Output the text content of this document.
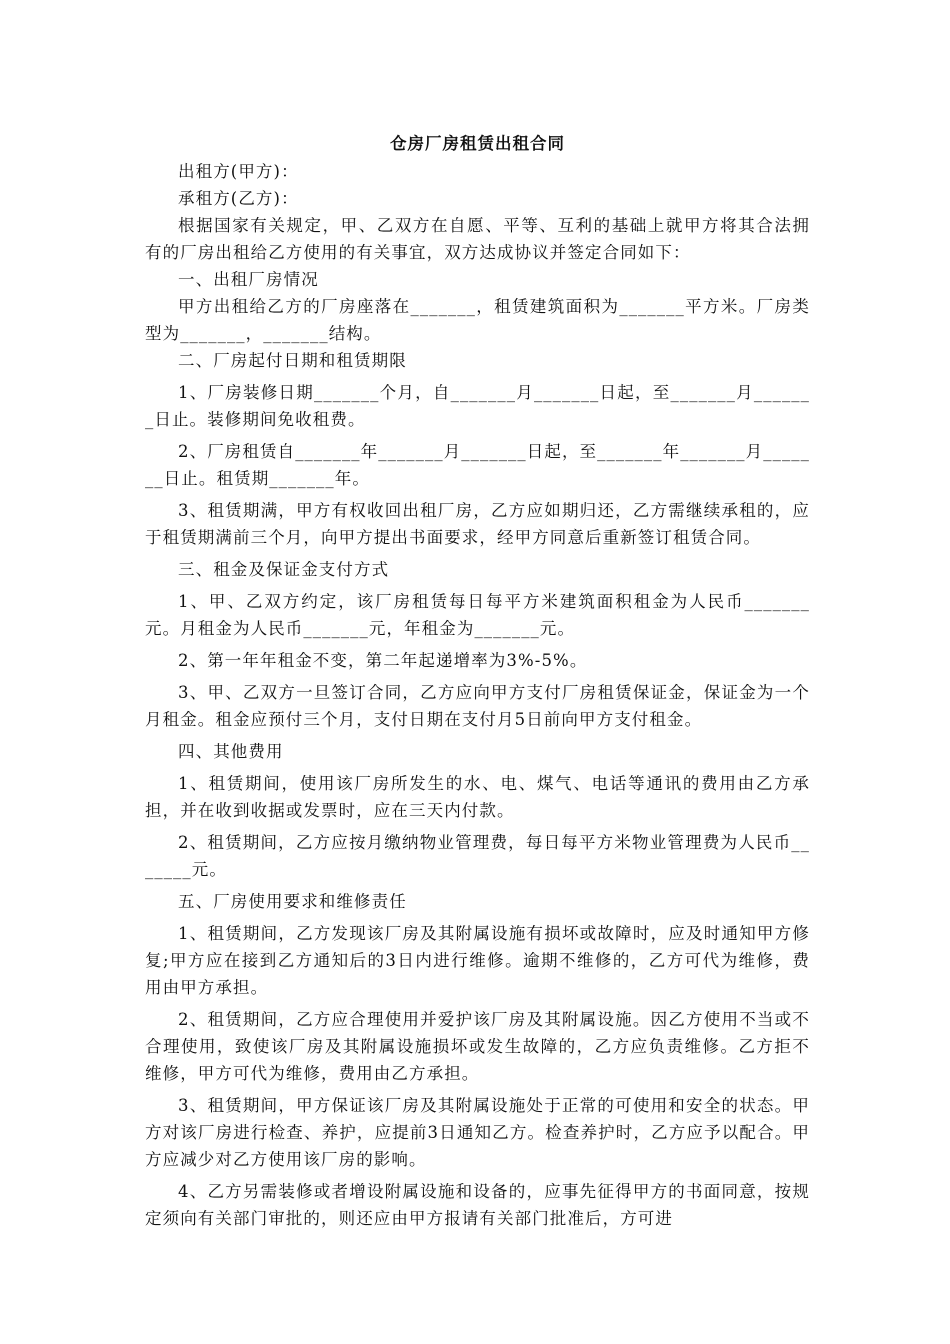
仓房厂房租赁出租合同

出租方(甲方)：

承租方(乙方)：

根据国家有关规定，甲、乙双方在自愿、平等、互利的基础上就甲方将其合法拥有的厂房出租给乙方使用的有关事宜，双方达成协议并签定合同如下：

一、出租厂房情况

甲方出租给乙方的厂房座落在_______，租赁建筑面积为_______平方米。厂房类型为_______，_______结构。

二、厂房起付日期和租赁期限

1、厂房装修日期_______个月，自_______月_______日起，至_______月_______日止。装修期间免收租费。

2、厂房租赁自_______年_______月_______日起，至_______年_______月_______日止。租赁期_______年。

3、租赁期满，甲方有权收回出租厂房，乙方应如期归还，乙方需继续承租的，应于租赁期满前三个月，向甲方提出书面要求，经甲方同意后重新签订租赁合同。

三、租金及保证金支付方式

1、甲、乙双方约定，该厂房租赁每日每平方米建筑面积租金为人民币_______元。月租金为人民币_______元，年租金为_______元。

2、第一年年租金不变，第二年起递增率为3%-5%。

3、甲、乙双方一旦签订合同，乙方应向甲方支付厂房租赁保证金，保证金为一个月租金。租金应预付三个月，支付日期在支付月5日前向甲方支付租金。

四、其他费用

1、租赁期间，使用该厂房所发生的水、电、煤气、电话等通讯的费用由乙方承担，并在收到收据或发票时，应在三天内付款。

2、租赁期间，乙方应按月缴纳物业管理费，每日每平方米物业管理费为人民币_______元。

五、厂房使用要求和维修责任

1、租赁期间，乙方发现该厂房及其附属设施有损坏或故障时，应及时通知甲方修复;甲方应在接到乙方通知后的3日内进行维修。逾期不维修的，乙方可代为维修，费用由甲方承担。

2、租赁期间，乙方应合理使用并爱护该厂房及其附属设施。因乙方使用不当或不合理使用，致使该厂房及其附属设施损坏或发生故障的，乙方应负责维修。乙方拒不维修，甲方可代为维修，费用由乙方承担。

3、租赁期间，甲方保证该厂房及其附属设施处于正常的可使用和安全的状态。甲方对该厂房进行检查、养护，应提前3日通知乙方。检查养护时，乙方应予以配合。甲方应减少对乙方使用该厂房的影响。

4、乙方另需装修或者增设附属设施和设备的，应事先征得甲方的书面同意，按规定须向有关部门审批的，则还应由甲方报请有关部门批准后，方可进
